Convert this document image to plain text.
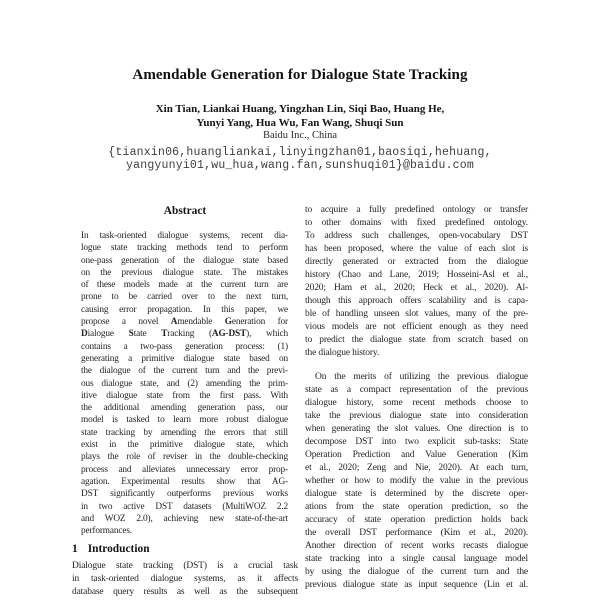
Amendable Generation for Dialogue State Tracking
Xin Tian, Liankai Huang, Yingzhan Lin, Siqi Bao, Huang He,
Yunyi Yang, Hua Wu, Fan Wang, Shuqi Sun
Baidu Inc., China
{tianxin06,huangliankai,linyingzhan01,baosiqi,hehuang,
yangyunyi01,wu_hua,wang.fan,sunshuqi01}@baidu.com
Abstract
In task-oriented dialogue systems, recent dia-
logue state tracking methods tend to perform
one-pass generation of the dialogue state based
on the previous dialogue state. The mistakes
of these models made at the current turn are
prone to be carried over to the next turn,
causing error propagation. In this paper, we
propose a novel Amendable Generation for
Dialogue State Tracking (AG-DST), which
contains a two-pass generation process: (1)
generating a primitive dialogue state based on
the dialogue of the current turn and the previ-
ous dialogue state, and (2) amending the prim-
itive dialogue state from the first pass. With
the additional amending generation pass, our
model is tasked to learn more robust dialogue
state tracking by amending the errors that still
exist in the primitive dialogue state, which
plays the role of reviser in the double-checking
process and alleviates unnecessary error prop-
agation. Experimental results show that AG-
DST significantly outperforms previous works
in two active DST datasets (MultiWOZ 2.2
and WOZ 2.0), achieving new state-of-the-art
performances.
1 Introduction
Dialogue state tracking (DST) is a crucial task
in task-oriented dialogue systems, as it affects
database query results as well as the subsequent
to acquire a fully predefined ontology or transfer
to other domains with fixed predefined ontology.
To address such challenges, open-vocabulary DST
has been proposed, where the value of each slot is
directly generated or extracted from the dialogue
history (Chao and Lane, 2019; Hosseini-Asl et al.,
2020; Ham et al., 2020; Heck et al., 2020). Al-
though this approach offers scalability and is capa-
ble of handling unseen slot values, many of the pre-
vious models are not efficient enough as they need
to predict the dialogue state from scratch based on
the dialogue history.
On the merits of utilizing the previous dialogue
state as a compact representation of the previous
dialogue history, some recent methods choose to
take the previous dialogue state into consideration
when generating the slot values. One direction is to
decompose DST into two explicit sub-tasks: State
Operation Prediction and Value Generation (Kim
et al., 2020; Zeng and Nie, 2020). At each turn,
whether or how to modify the value in the previous
dialogue state is determined by the discrete oper-
ations from the state operation prediction, so the
accuracy of state operation prediction holds back
the overall DST performance (Kim et al., 2020).
Another direction of recent works recasts dialogue
state tracking into a single causal language model
by using the dialogue of the current turn and the
previous dialogue state as input sequence (Lin et al.
